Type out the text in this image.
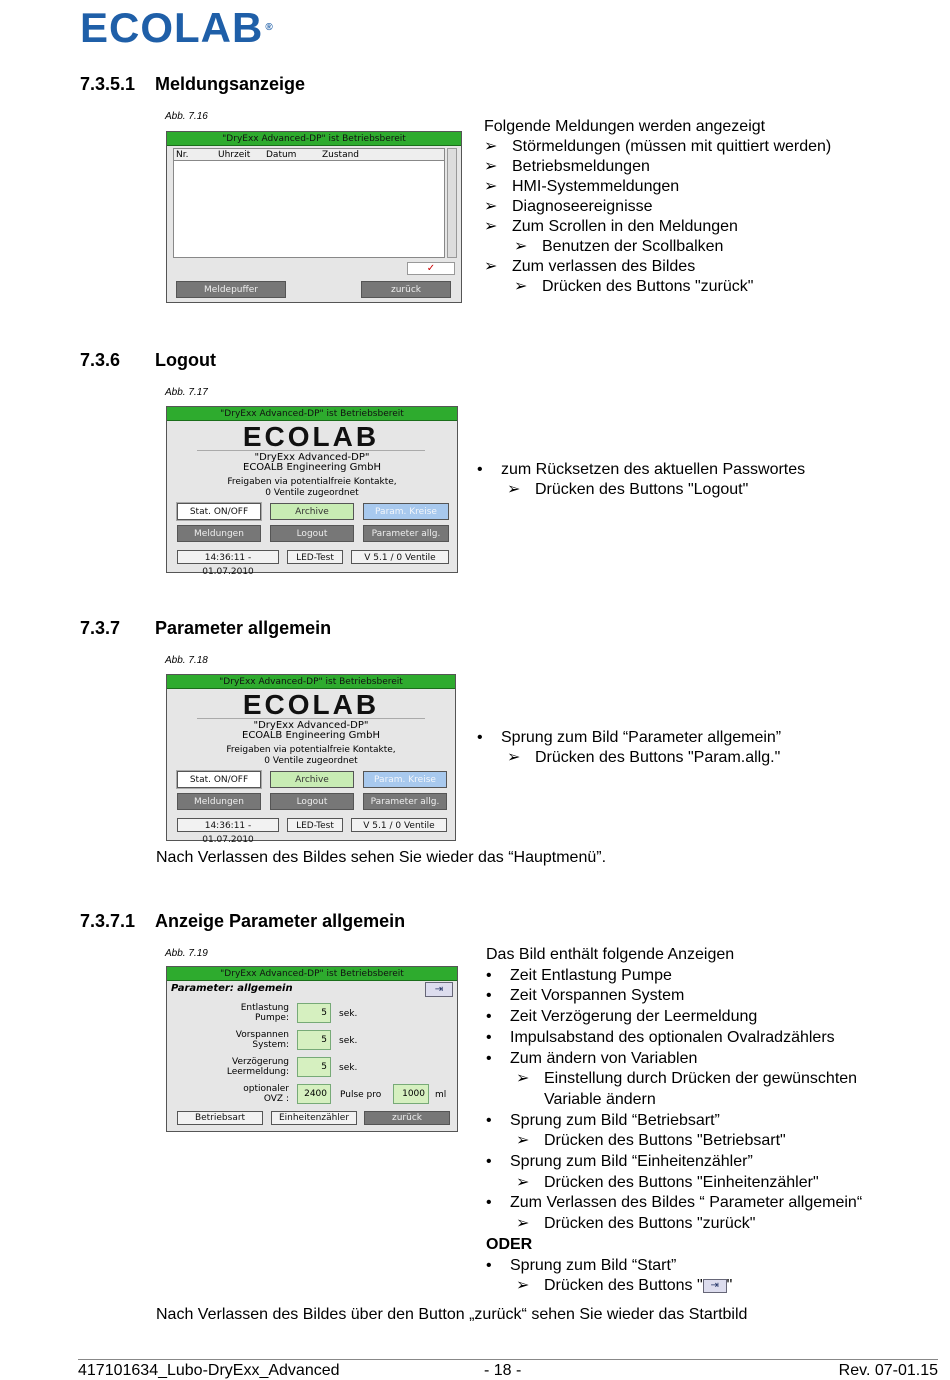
ECOLAB ®
7.3.5.1 Meldungsanzeige
Abb. 7.16
"DryExx Advanced-DP" ist Betriebsbereit
Nr.	Uhrzeit	Datum	Zustand
✓
Meldepuffer	zurück
Folgende Meldungen werden angezeigt
➢ Störmeldungen (müssen mit quittiert werden)
➢ Betriebsmeldungen
➢ HMI-Systemmeldungen
➢ Diagnoseereignisse
➢ Zum Scrollen in den Meldungen
➢ Benutzen der Scollbalken
➢ Zum verlassen des Bildes
➢ Drücken des Buttons "zurück"
7.3.6 Logout
Abb. 7.17
"DryExx Advanced-DP" ist Betriebsbereit
ECOLAB
"DryExx Advanced-DP"
ECOALB Engineering GmbH
Freigaben via potentialfreie Kontakte,
0 Ventile zugeordnet
Stat. ON/OFF	Archive	Param. Kreise
Meldungen	Logout	Parameter allg.
14:36:11 - 01.07.2010
LED-Test	V 5.1 / 0 Ventile
• zum Rücksetzen des aktuellen Passwortes
➢ Drücken des Buttons "Logout"
7.3.7 Parameter allgemein
Abb. 7.18
"DryExx Advanced-DP" ist Betriebsbereit
ECOLAB
"DryExx Advanced-DP"
ECOALB Engineering GmbH
Freigaben via potentialfreie Kontakte,
0 Ventile zugeordnet
Stat. ON/OFF	Archive	Param. Kreise
Meldungen	Logout	Parameter allg.
14:36:11 - 01.07.2010
LED-Test	V 5.1 / 0 Ventile
• Sprung zum Bild “Parameter allgemein”
➢ Drücken des Buttons "Param.allg."
Nach Verlassen des Bildes sehen Sie wieder das “Hauptmenü”.
7.3.7.1 Anzeige Parameter allgemein
Abb. 7.19
"DryExx Advanced-DP" ist Betriebsbereit
Parameter: allgemein	⇥
Entlastung
Pumpe:	5	sek.
Vorspannen
System:	5	sek.
Verzögerung
Leermeldung:	5	sek.
optionaler
OVZ :	2400	Pulse pro	1000	ml
Betriebsart	Einheitenzähler	zurück
Das Bild enthält folgende Anzeigen
• Zeit Entlastung Pumpe
• Zeit Vorspannen System
• Zeit Verzögerung der Leermeldung
• Impulsabstand des optionalen Ovalradzählers
• Zum ändern von Variablen
➢ Einstellung durch Drücken der gewünschten
Variable ändern
• Sprung zum Bild “Betriebsart”
➢ Drücken des Buttons "Betriebsart"
• Sprung zum Bild “Einheitenzähler”
➢ Drücken des Buttons "Einheitenzähler"
• Zum Verlassen des Bildes “ Parameter allgemein“
➢ Drücken des Buttons "zurück"
ODER
• Sprung zum Bild “Start”
➢ Drücken des Buttons " ⇥ "
Nach Verlassen des Bildes über den Button „zurück“ sehen Sie wieder das Startbild
417101634_Lubo-DryExx_Advanced	- 18 -	Rev. 07-01.15
